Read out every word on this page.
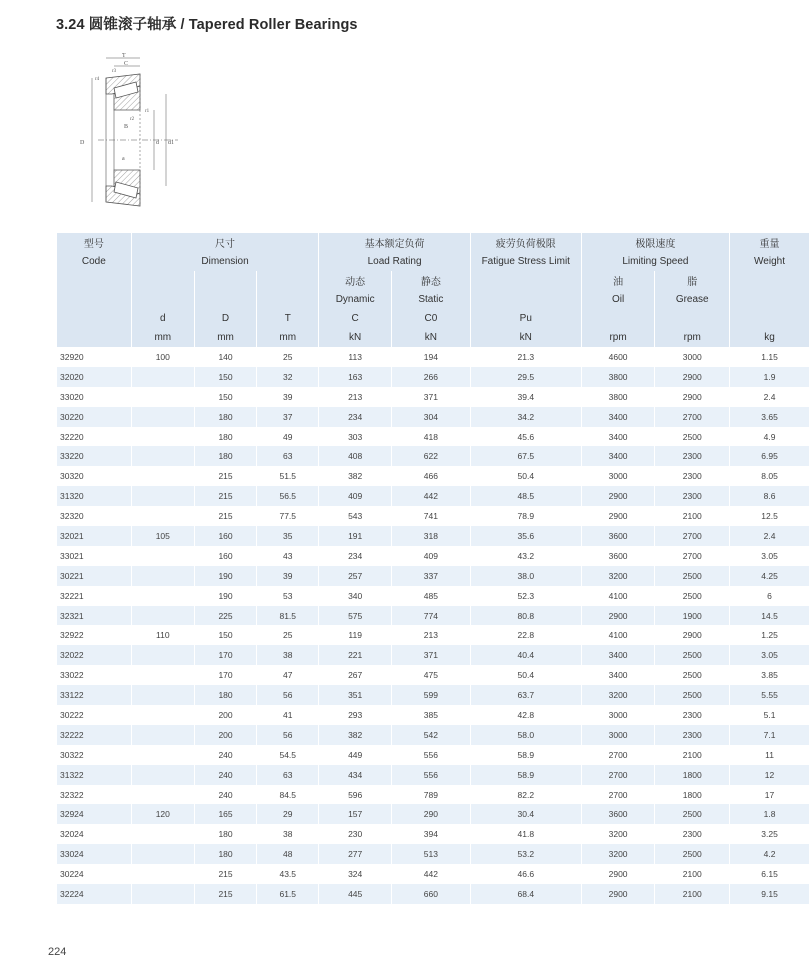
3.24 圆锥滚子轴承 / Tapered Roller Bearings
T
C
r3
r4
r1
r2
B
D	d d1
a
型号	尺寸			基本额定负荷		疲劳负荷极限	极限速度		重量
Code	Dimension			Load Rating		Fatigue Stress Limit	Limiting Speed		Weight
				动态	静态		油	脂	
				Dynamic	Static		Oil	Grease	
	d	D	T	C	C0	Pu			
	mm	mm	mm	kN	kN	kN	rpm	rpm	kg
32920	100	140	25	113	194	21.3	4600	3000	1.15
32020		150	32	163	266	29.5	3800	2900	1.9
33020		150	39	213	371	39.4	3800	2900	2.4
30220		180	37	234	304	34.2	3400	2700	3.65
32220		180	49	303	418	45.6	3400	2500	4.9
33220		180	63	408	622	67.5	3400	2300	6.95
30320		215	51.5	382	466	50.4	3000	2300	8.05
31320		215	56.5	409	442	48.5	2900	2300	8.6
32320		215	77.5	543	741	78.9	2900	2100	12.5
32021	105	160	35	191	318	35.6	3600	2700	2.4
33021		160	43	234	409	43.2	3600	2700	3.05
30221		190	39	257	337	38.0	3200	2500	4.25
32221		190	53	340	485	52.3	4100	2500	6
32321		225	81.5	575	774	80.8	2900	1900	14.5
32922	110	150	25	119	213	22.8	4100	2900	1.25
32022		170	38	221	371	40.4	3400	2500	3.05
33022		170	47	267	475	50.4	3400	2500	3.85
33122		180	56	351	599	63.7	3200	2500	5.55
30222		200	41	293	385	42.8	3000	2300	5.1
32222		200	56	382	542	58.0	3000	2300	7.1
30322		240	54.5	449	556	58.9	2700	2100	11
31322		240	63	434	556	58.9	2700	1800	12
32322		240	84.5	596	789	82.2	2700	1800	17
32924	120	165	29	157	290	30.4	3600	2500	1.8
32024		180	38	230	394	41.8	3200	2300	3.25
33024		180	48	277	513	53.2	3200	2500	4.2
30224		215	43.5	324	442	46.6	2900	2100	6.15
32224		215	61.5	445	660	68.4	2900	2100	9.15
224
